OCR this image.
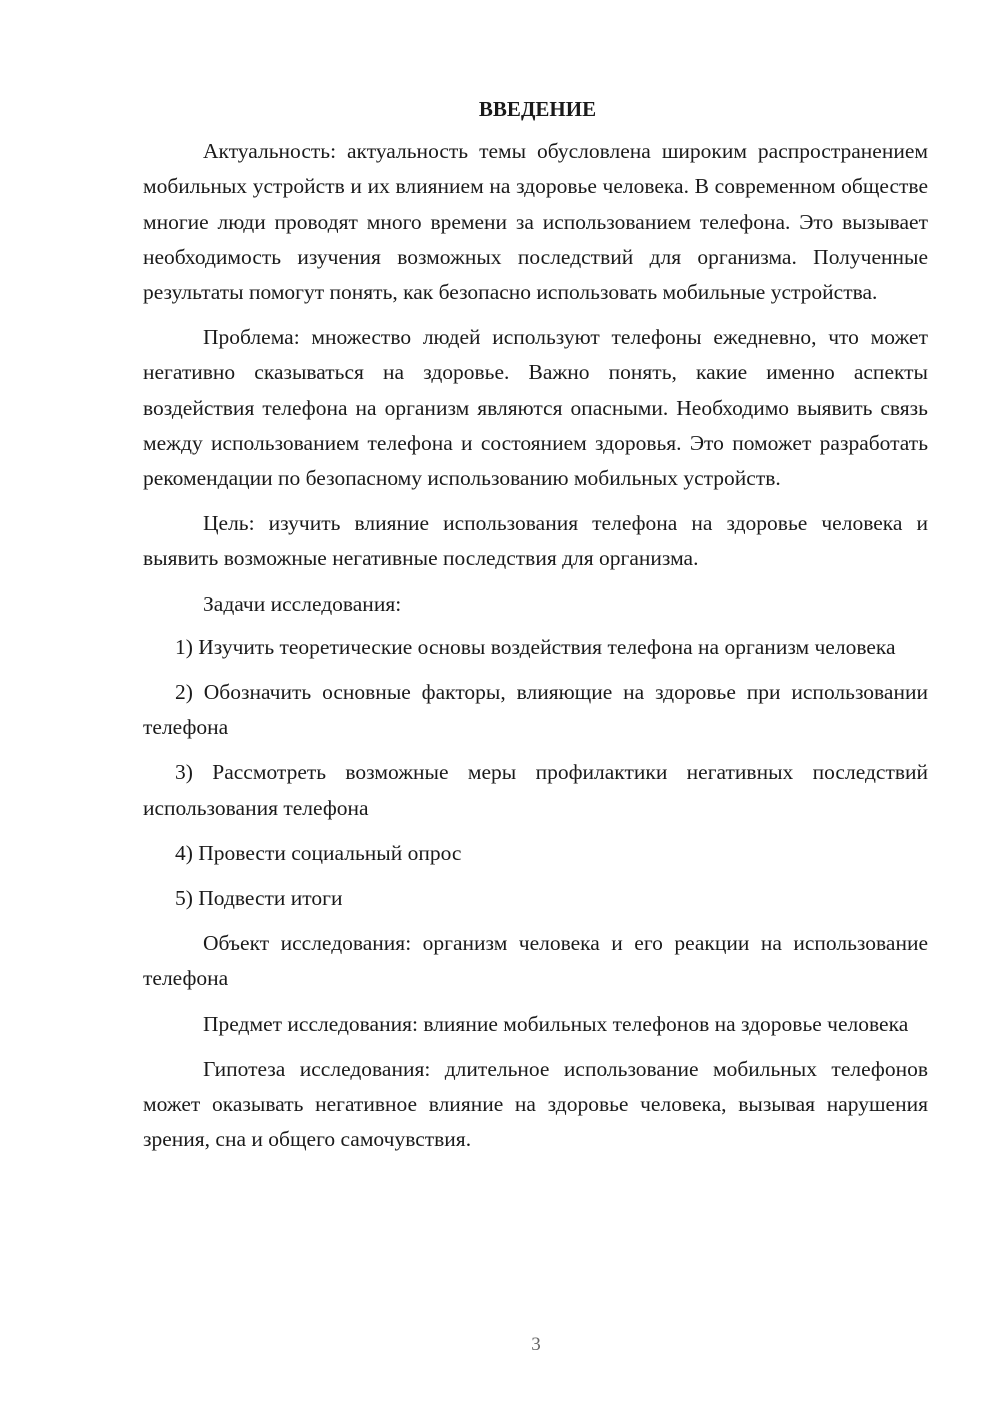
ВВЕДЕНИЕ

Актуальность: актуальность темы обусловлена широким распространением мобильных устройств и их влиянием на здоровье человека. В современном обществе многие люди проводят много времени за использованием телефона. Это вызывает необходимость изучения возможных последствий для организма. Полученные результаты помогут понять, как безопасно использовать мобильные устройства.

Проблема: множество людей используют телефоны ежедневно, что может негативно сказываться на здоровье. Важно понять, какие именно аспекты воздействия телефона на организм являются опасными. Необходимо выявить связь между использованием телефона и состоянием здоровья. Это поможет разработать рекомендации по безопасному использованию мобильных устройств.

Цель: изучить влияние использования телефона на здоровье человека и выявить возможные негативные последствия для организма.

Задачи исследования:

1) Изучить теоретические основы воздействия телефона на организм человека

2) Обозначить основные факторы, влияющие на здоровье при использовании телефона

3) Рассмотреть возможные меры профилактики негативных последствий использования телефона

4) Провести социальный опрос

5) Подвести итоги

Объект исследования: организм человека и его реакции на использование телефона

Предмет исследования: влияние мобильных телефонов на здоровье человека

Гипотеза исследования: длительное использование мобильных телефонов может оказывать негативное влияние на здоровье человека, вызывая нарушения зрения, сна и общего самочувствия.

3
